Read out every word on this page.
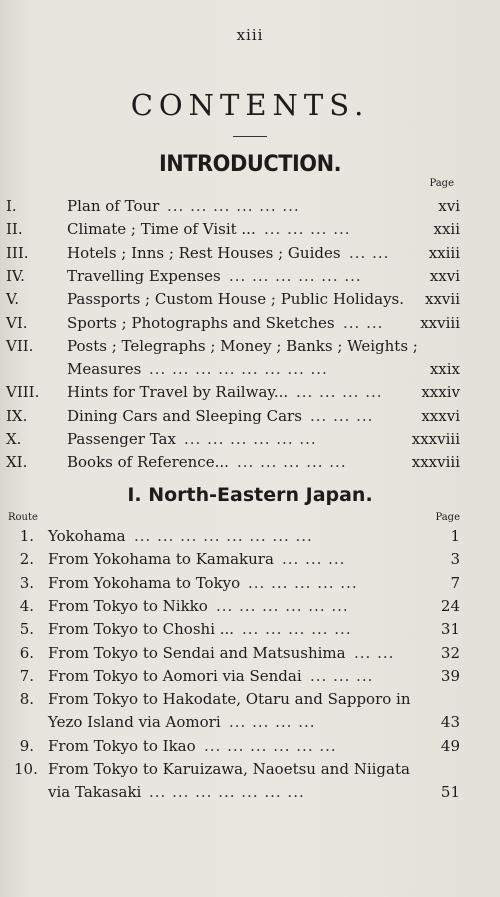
xiii
CONTENTS.
INTRODUCTION.
Page
I.	Plan of Tour ... ... ... ... ... ...	xvi
II.	Climate ; Time of Visit ... ... ... ... ...	xxii
III.	Hotels ; Inns ; Rest Houses ; Guides ... ...	xxiii
IV.	Travelling Expenses ... ... ... ... ... ...	xxvi
V.	Passports ; Custom House ; Public Holidays. xxvii
VI.	Sports ; Photographs and Sketches ... ...	xxviii
VII. Posts ; Telegraphs ; Money ; Banks ; Weights ;
Measures ... ... ... ... ... ... ... ...	xxix
VIII. Hints for Travel by Railway... ... ... ... ...	xxxiv
IX.	Dining Cars and Sleeping Cars ... ... ...	xxxvi
X.	Passenger Tax ... ... ... ... ... ...	xxxviii
XI.	Books of Reference... ... ... ... ... ...	xxxviii
I. North-Eastern Japan.
Route	Page
1. Yokohama ... ... ... ... ... ... ... ...	1
2. From Yokohama to Kamakura ... ... ...	3
3. From Yokohama to Tokyo ... ... ... ... ...	7
4. From Tokyo to Nikko ... ... ... ... ... ...	24
5. From Tokyo to Choshi ... ... ... ... ... ...	31
6. From Tokyo to Sendai and Matsushima ... ...	32
7. From Tokyo to Aomori via Sendai ... ... ...	39
8. From Tokyo to Hakodate, Otaru and Sapporo in
Yezo Island via Aomori ... ... ... ...	43
9. From Tokyo to Ikao ... ... ... ... ... ...	49
10. From Tokyo to Karuizawa, Naoetsu and Niigata
via Takasaki ... ... ... ... ... ... ...	51
